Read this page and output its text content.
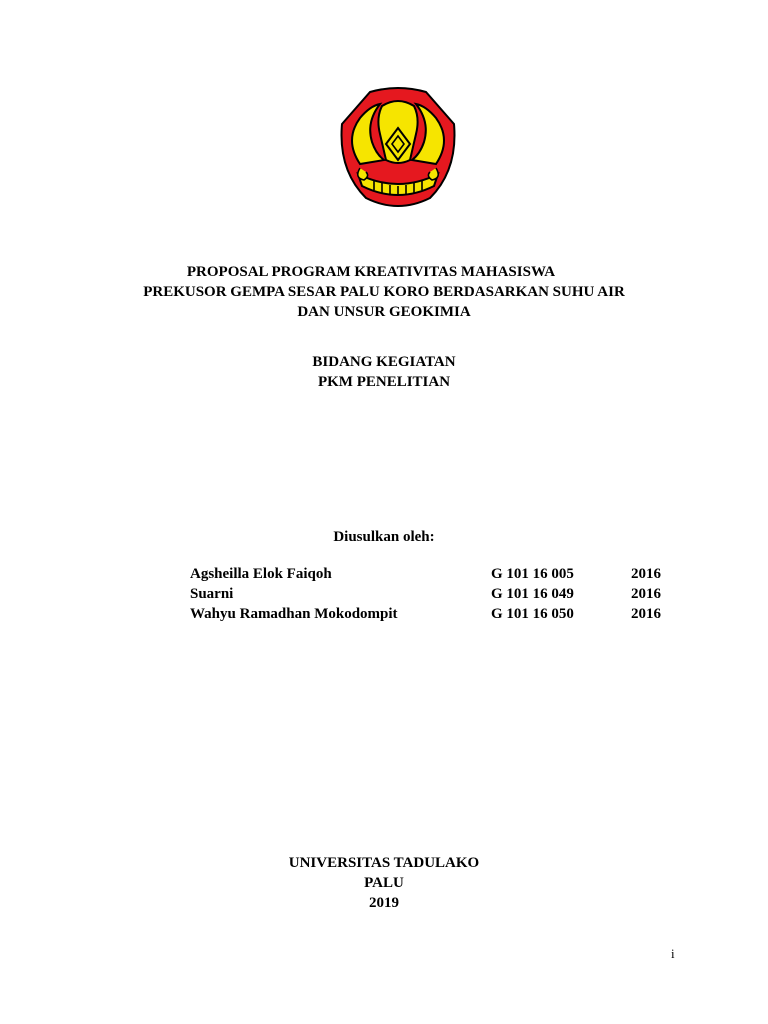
PROPOSAL PROGRAM KREATIVITAS MAHASISWA
PREKUSOR GEMPA SESAR PALU KORO BERDASARKAN SUHU AIR
DAN UNSUR GEOKIMIA
BIDANG KEGIATAN
PKM PENELITIAN
Diusulkan oleh:
Agsheilla Elok Faiqoh	G 101 16 005	2016
Suarni	G 101 16 049	2016
Wahyu Ramadhan Mokodompit	G 101 16 050	2016
UNIVERSITAS TADULAKO
PALU
2019
i
